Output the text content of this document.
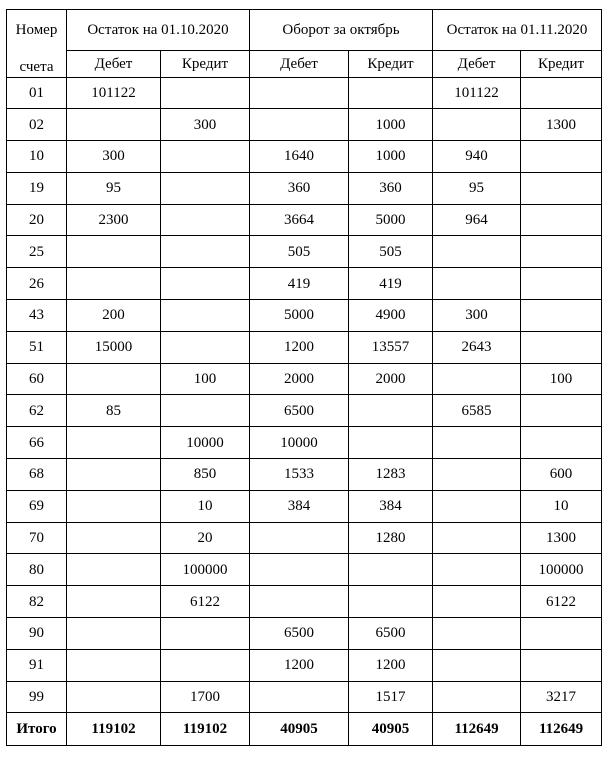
Номер	Остаток на 01.10.2020		Оборот за октябрь		Остаток на 01.11.2020	
счета	Дебет	Кредит	Дебет	Кредит	Дебет	Кредит
01	101122				101122	
02		300		1000		1300
10	300		1640	1000	940	
19	95		360	360	95	
20	2300		3664	5000	964	
25			505	505		
26			419	419		
43	200		5000	4900	300	
51	15000		1200	13557	2643	
60		100	2000	2000		100
62	85		6500		6585	
66		10000	10000			
68		850	1533	1283		600
69		10	384	384		10
70		20		1280		1300
80		100000				100000
82		6122				6122
90			6500	6500		
91			1200	1200		
99		1700		1517		3217
Итого	119102	119102	40905	40905	112649	112649
